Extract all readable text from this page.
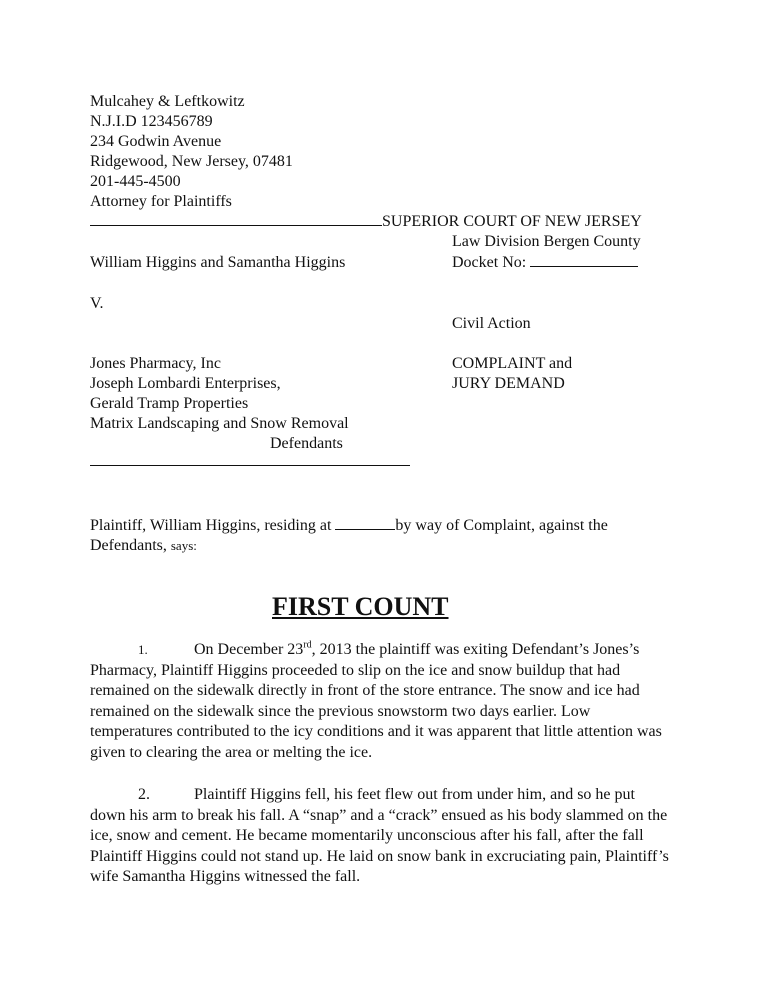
Mulcahey & Leftkowitz
N.J.I.D 123456789
234 Godwin Avenue
Ridgewood, New Jersey, 07481
201-445-4500
Attorney for Plaintiffs
SUPERIOR COURT OF NEW JERSEY
Law Division Bergen County
William Higgins and Samantha Higgins	Docket No:
V.
Civil Action
Jones Pharmacy, Inc
Joseph Lombardi Enterprises,
Gerald Tramp Properties
Matrix Landscaping and Snow Removal
Defendants
COMPLAINT and
JURY DEMAND
Plaintiff, William Higgins, residing at	by way of Complaint, against the
Defendants, says:
FIRST COUNT
1.	On December 23rd, 2013 the plaintiff was exiting Defendant’s Jones’s Pharmacy, Plaintiff Higgins proceeded to slip on the ice and snow buildup that had remained on the sidewalk directly in front of the store entrance. The snow and ice had remained on the sidewalk since the previous snowstorm two days earlier. Low temperatures contributed to the icy conditions and it was apparent that little attention was given to clearing the area or melting the ice.
2.	Plaintiff Higgins fell, his feet flew out from under him, and so he put down his arm to break his fall. A “snap” and a “crack” ensued as his body slammed on the ice, snow and cement. He became momentarily unconscious after his fall, after the fall Plaintiff Higgins could not stand up. He laid on snow bank in excruciating pain, Plaintiff’s wife Samantha Higgins witnessed the fall.
